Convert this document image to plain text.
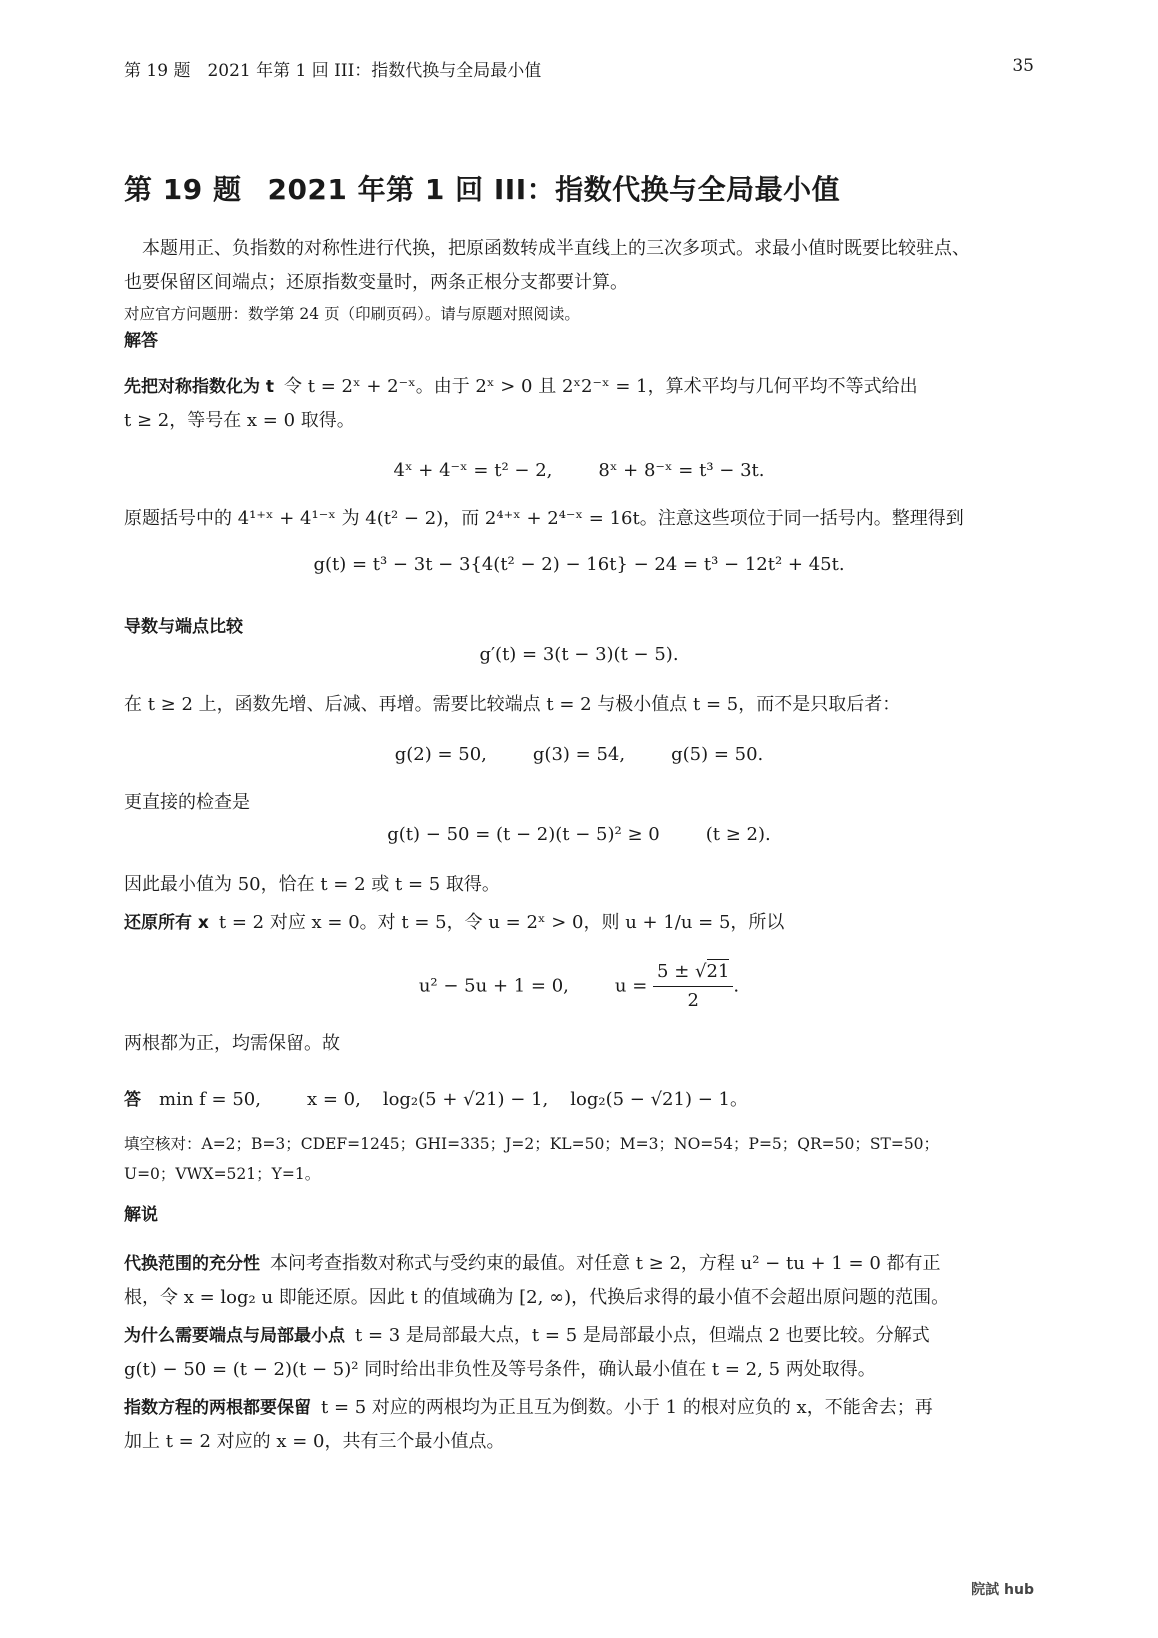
第 19 题　2021 年第 1 回 III：指数代换与全局最小值	35
第 19 题 2021 年第 1 回 III：指数代换与全局最小值

本题用正、负指数的对称性进行代换，把原函数转成半直线上的三次多项式。求最小值时既要比较驻点、

也要保留区间端点；还原指数变量时，两条正根分支都要计算。

对应官方问题册：数学第 24 页（印刷页码）。请与原题对照阅读。

解答

先把对称指数化为 t 令 t = 2ˣ + 2⁻ˣ。由于 2ˣ > 0 且 2ˣ2⁻ˣ = 1，算术平均与几何平均不等式给出

t ≥ 2，等号在 x = 0 取得。

4ˣ + 4⁻ˣ = t² − 2,	8ˣ + 8⁻ˣ = t³ − 3t.

原题括号中的 4¹⁺ˣ + 4¹⁻ˣ 为 4(t² − 2)，而 2⁴⁺ˣ + 2⁴⁻ˣ = 16t。注意这些项位于同一括号内。整理得到

g(t) = t³ − 3t − 3{4(t² − 2) − 16t} − 24 = t³ − 12t² + 45t.

导数与端点比较

g′(t) = 3(t − 3)(t − 5).

在 t ≥ 2 上，函数先增、后减、再增。需要比较端点 t = 2 与极小值点 t = 5，而不是只取后者：

g(2) = 50,	g(3) = 54,	g(5) = 50.

更直接的检查是

g(t) − 50 = (t − 2)(t − 5)² ≥ 0	(t ≥ 2).

因此最小值为 50，恰在 t = 2 或 t = 5 取得。

还原所有 x t = 2 对应 x = 0。对 t = 5，令 u = 2ˣ > 0，则 u + 1/u = 5，所以

u² − 5u + 1 = 0,	$u = \frac{5 \pm √21}{2}$ .

两根都为正，均需保留。故

答 min f = 50,	x = 0, log₂(5 + √21) − 1, log₂(5 − √21) − 1。

填空核对：A=2；B=3；CDEF=1245；GHI=335；J=2；KL=50；M=3；NO=54；P=5；QR=50；ST=50；

U=0；VWX=521；Y=1。

解说

代换范围的充分性 本问考查指数对称式与受约束的最值。对任意 t ≥ 2，方程 u² − tu + 1 = 0 都有正

根，令 x = log₂ u 即能还原。因此 t 的值域确为 [2, ∞)，代换后求得的最小值不会超出原问题的范围。

为什么需要端点与局部最小点 t = 3 是局部最大点，t = 5 是局部最小点，但端点 2 也要比较。分解式

g(t) − 50 = (t − 2)(t − 5)² 同时给出非负性及等号条件，确认最小值在 t = 2, 5 两处取得。

指数方程的两根都要保留 t = 5 对应的两根均为正且互为倒数。小于 1 的根对应负的 x，不能舍去；再

加上 t = 2 对应的 x = 0，共有三个最小值点。

院試 hub
